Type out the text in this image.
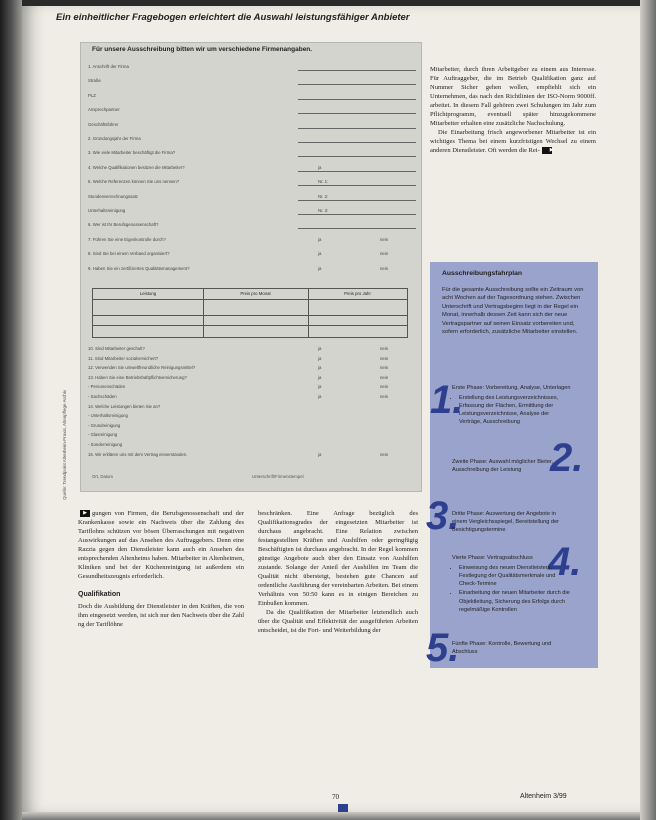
Ein einheitlicher Fragebogen erleichtert die Auswahl leistungsfähiger Anbieter
Für unsere Ausschreibung bitten wir um verschiedene Firmenangaben.
1. Anschrift der Firma
Straße
PLZ
Ansprechpartner
Geschäftsführer
2. Gründungsjahr der Firma
3. Wie viele Mitarbeiter beschäftigt die Firma?
4. Welche Qualifikationen besitzen die Mitarbeiter?	ja
5. Welche Referenzen können Sie uns nennen?	Nr. 1:
Stundenverrechnungssatz	Nr. 2:
Unterhaltsreinigung	Nr. 3:
6. Wer ist Ihr Berufsgenossenschaft?
7. Führen Sie eine Eigenkontrolle durch?	ja	nein
8. Sind Sie bei einem Verband organisiert?	ja	nein
9. Haben Sie ein zertifiziertes Qualitätsmanagement?	ja	nein
Leistung	Preis pro Monat	Preis pro Jahr
10. Sind Mitarbeiter geschult?	ja	nein
11. Sind Mitarbeiter sozialversichert?	ja	nein
12. Verwenden Sie umweltfreundliche Reinigungsmittel?	ja	nein
13. Haben Sie eine Betriebshaftpflichtversicherung?	ja	nein
- Personenschäden	ja	nein
- Sachschäden	ja	nein
14. Welche Leistungen bieten Sie an?
- Unterhaltsreinigung
- Grundreinigung
- Glasreinigung
- Sonderreinigung
15. Wir erklären uns mit dem Vertrag einverstanden.	ja	nein
Ort, Datum	Unterschrift/Firmenstempel
Quelle: Trendpoint Altenheim-Praxis, Altenpflege Archiv

▶ gungen von Firmen, die Berufsgenossenschaft und der Krankenkasse sowie ein Nachweis über die Zahlung des Tariflohns schützen vor bösen Überraschungen mit negativen Auswirkungen auf das Ansehen des Auftraggebers. Denn eine Razzia gegen den Dienstleister kann auch ein Ansehen des entsprechenden Altenheims haben. Mitarbeiter in Altenheimen, Kliniken und bei der Küchenreinigung ist außerdem ein Gesundheitszeugnis erforderlich.

Qualifikation

Doch die Ausbildung der Dienstleister in den Kräften, die von ihm eingesetzt werden, ist sich nur den Nachweis über die Zahl ng der Tariflöhne

beschränken. Eine Anfrage bezüglich des Qualifikationsgrades der eingesetzten Mitarbeiter ist durchaus angebracht. Eine Relation zwischen festangestellten Kräften und Aushilfen oder geringfügig Beschäftigten ist durchaus angebracht. In der Regel kommen günstige Angebote auch über den Einsatz von Aushilfen zustande. Solange der Anteil der Aushilfen im Team die Qualität nicht übersteigt, bestehen gute Chancen auf ordentliche Ausführung der vereinbarten Arbeiten. Bei einem Verhältnis von 50:50 kann es in einigen Bereichen zu Einbußen kommen.

Da die Qualifikation der Mitarbeiter letztendlich auch über die Qualität und Effektivität der ausgeführten Arbeiten entscheidet, ist die Fort- und Weiterbildung der

Mitarbeiter, durch ihren Arbeitgeber zu einem aus Interesse. Für Auftraggeber, die im Betrieb Qualifikation ganz auf Nummer Sicher gehen wollen, empfiehlt sich ein Unternehmen, das nach den Richtlinien der ISO-Norm 9000ff. arbeitet. In diesem Fall gehören zwei Schulungen im Jahr zum Pflichtprogramm, eventuell später hinzugekommene Mitarbeiter erhalten eine zusätzliche Nachschulung.

Die Einarbeitung frisch angeworbener Mitarbeiter ist ein wichtiges Thema bei einem kurzfristigen Wechsel zu einem anderen Dienstleister. Oft werden die Rei- ▶

Ausschreibungsfahrplan
Für die gesamte Ausschreibung sollte ein Zeitraum von acht Wochen auf der Tagesordnung stehen. Zwischen Unterschrift und Vertragsbeginn liegt in der Regel ein Monat, innerhalb dessen Zeit kann sich der neue Vertragspartner auf seinen Einsatz vorbereiten und, sofern erforderlich, zusätzliche Mitarbeiter einstellen.
1.
Erste Phase: Vorbereitung, Analyse, Unterlagen
• Erstellung des Leistungsverzeichnisses, Erfassung der Flächen, Ermittlung der Leistungsverzeichnisse, Analyse der Verträge, Ausschreibung
2.
Zweite Phase: Auswahl möglicher Bieter, Ausschreibung der Leistung
3.
Dritte Phase: Auswertung der Angebote in einem Vergleichsspiegel, Bereitstellung der Besichtigungstermine
4.
Vierte Phase: Vertragsabschluss
• Einweisung des neuen Dienstleisters, Festlegung der Qualitätsmerkmale und Check-Termine
• Einarbeitung der neuen Mitarbeiter durch die Objektleitung, Sicherung des Erfolgs durch regelmäßige Kontrollen
5.
Fünfte Phase: Kontrolle, Bewertung und Abschluss
70	Altenheim 3/99
